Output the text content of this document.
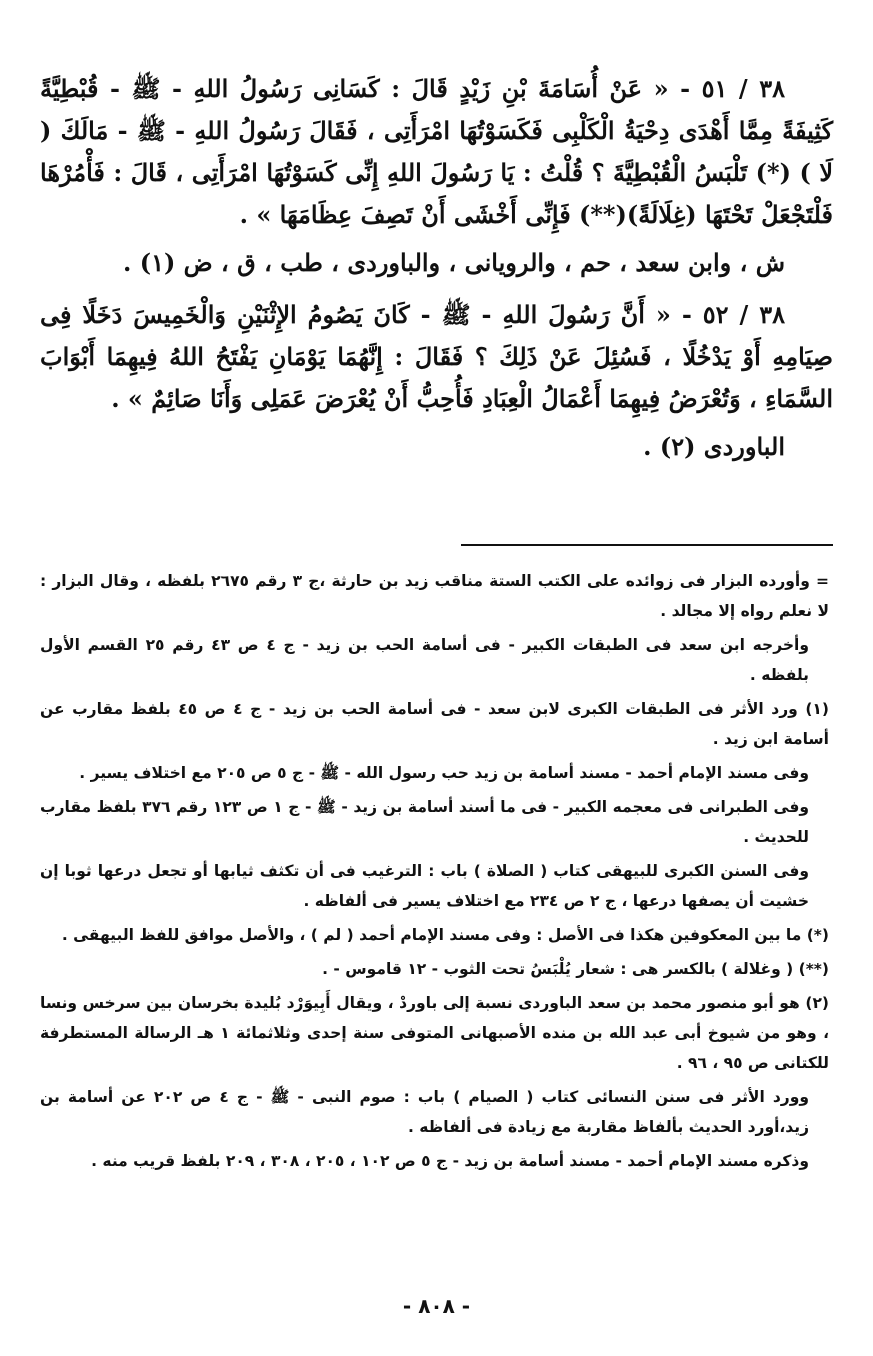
٣٨ / ٥١ - « عَنْ أُسَامَةَ بْنِ زَيْدٍ قَالَ : كَسَانِى رَسُولُ اللهِ - ﷺ - قُبْطِيَّةً كَثِيفَةً مِمَّا أَهْدَى دِحْيَةُ الْكَلْبِى فَكَسَوْتُهَا امْرَأَتِى ، فَقَالَ رَسُولُ اللهِ - ﷺ - مَالَكَ ( لَا ) (*) تَلْبَسُ الْقُبْطِيَّةَ ؟ قُلْتُ : يَا رَسُولَ اللهِ إِنِّى كَسَوْتُهَا امْرَأَتِى ، قَالَ : فَأْمُرْهَا فَلْتَجْعَلْ تَحْتَهَا (غِلَالَةً)(**) فَإِنِّى أَخْشَى أَنْ تَصِفَ عِظَامَهَا » .

ش ، وابن سعد ، حم ، والرويانى ، والباوردى ، طب ، ق ، ض (١) .

٣٨ / ٥٢ - « أَنَّ رَسُولَ اللهِ - ﷺ - كَانَ يَصُومُ الإِثْنَيْنِ وَالْخَمِيسَ دَخَلًا فِى صِيَامِهِ أَوْ يَدْخُلًا ، فَسُئِلَ عَنْ ذَلِكَ ؟ فَقَالَ : إِنَّهُمَا يَوْمَانِ يَفْتَحُ اللهُ فِيهِمَا أَبْوَابَ السَّمَاءِ ، وَتُعْرَضُ فِيهِمَا أَعْمَالُ الْعِبَادِ فَأُحِبُّ أَنْ يُعْرَضَ عَمَلِى وَأَنَا صَائِمٌ » .

الباوردى (٢) .

= وأورده البزار فى زوائده على الكتب الستة مناقب زيد بن حارثة ،ج ٣ رقم ٢٦٧٥ بلفظه ، وقال البزار : لا نعلم رواه إلا مجالد .

وأخرجه ابن سعد فى الطبقات الكبير - فى أسامة الحب بن زيد - ج ٤ ص ٤٣ رقم ٢٥ القسم الأول بلفظه .

(١) ورد الأثر فى الطبقات الكبرى لابن سعد - فى أسامة الحب بن زيد - ج ٤ ص ٤٥ بلفظ مقارب عن أسامة ابن زيد .

وفى مسند الإمام أحمد - مسند أسامة بن زيد حب رسول الله - ﷺ - ج ٥ ص ٢٠٥ مع اختلاف يسير .

وفى الطبرانى فى معجمه الكبير - فى ما أسند أسامة بن زيد - ﷺ - ج ١ ص ١٢٣ رقم ٣٧٦ بلفظ مقارب للحديث .

وفى السنن الكبرى للبيهقى كتاب ( الصلاة ) باب : الترغيب فى أن تكثف ثيابها أو تجعل درعها ثوبا إن خشيت أن يصفها درعها ، ج ٢ ص ٢٣٤ مع اختلاف يسير فى ألفاظه .

(*) ما بين المعكوفين هكذا فى الأصل : وفى مسند الإمام أحمد ( لم ) ، والأصل موافق للفظ البيهقى .

(**) ( وغلالة ) بالكسر هى : شعار يُلْبَسُ تحت الثوب - ١٢ قاموس - .

(٢) هو أبو منصور محمد بن سعد الباوردى نسبة إلى باوردْ ، ويقال أَبِيوَرْد بُليدة بخرسان بين سرخس ونسا ، وهو من شيوخ أبى عبد الله بن منده الأصبهانى المتوفى سنة إحدى وثلاثمائة ١ هـ الرسالة المستطرفة للكتانى ص ٩٥ ، ٩٦ .

وورد الأثر فى سنن النسائى كتاب ( الصيام ) باب : صوم النبى - ﷺ - ج ٤ ص ٢٠٢ عن أسامة بن زيد،أورد الحديث بألفاظ مقاربة مع زيادة فى ألفاظه .

وذكره مسند الإمام أحمد - مسند أسامة بن زيد - ج ٥ ص ١٠٢ ، ٢٠٥ ، ٣٠٨ ، ٢٠٩ بلفظ قريب منه .

- ٨٠٨ -
